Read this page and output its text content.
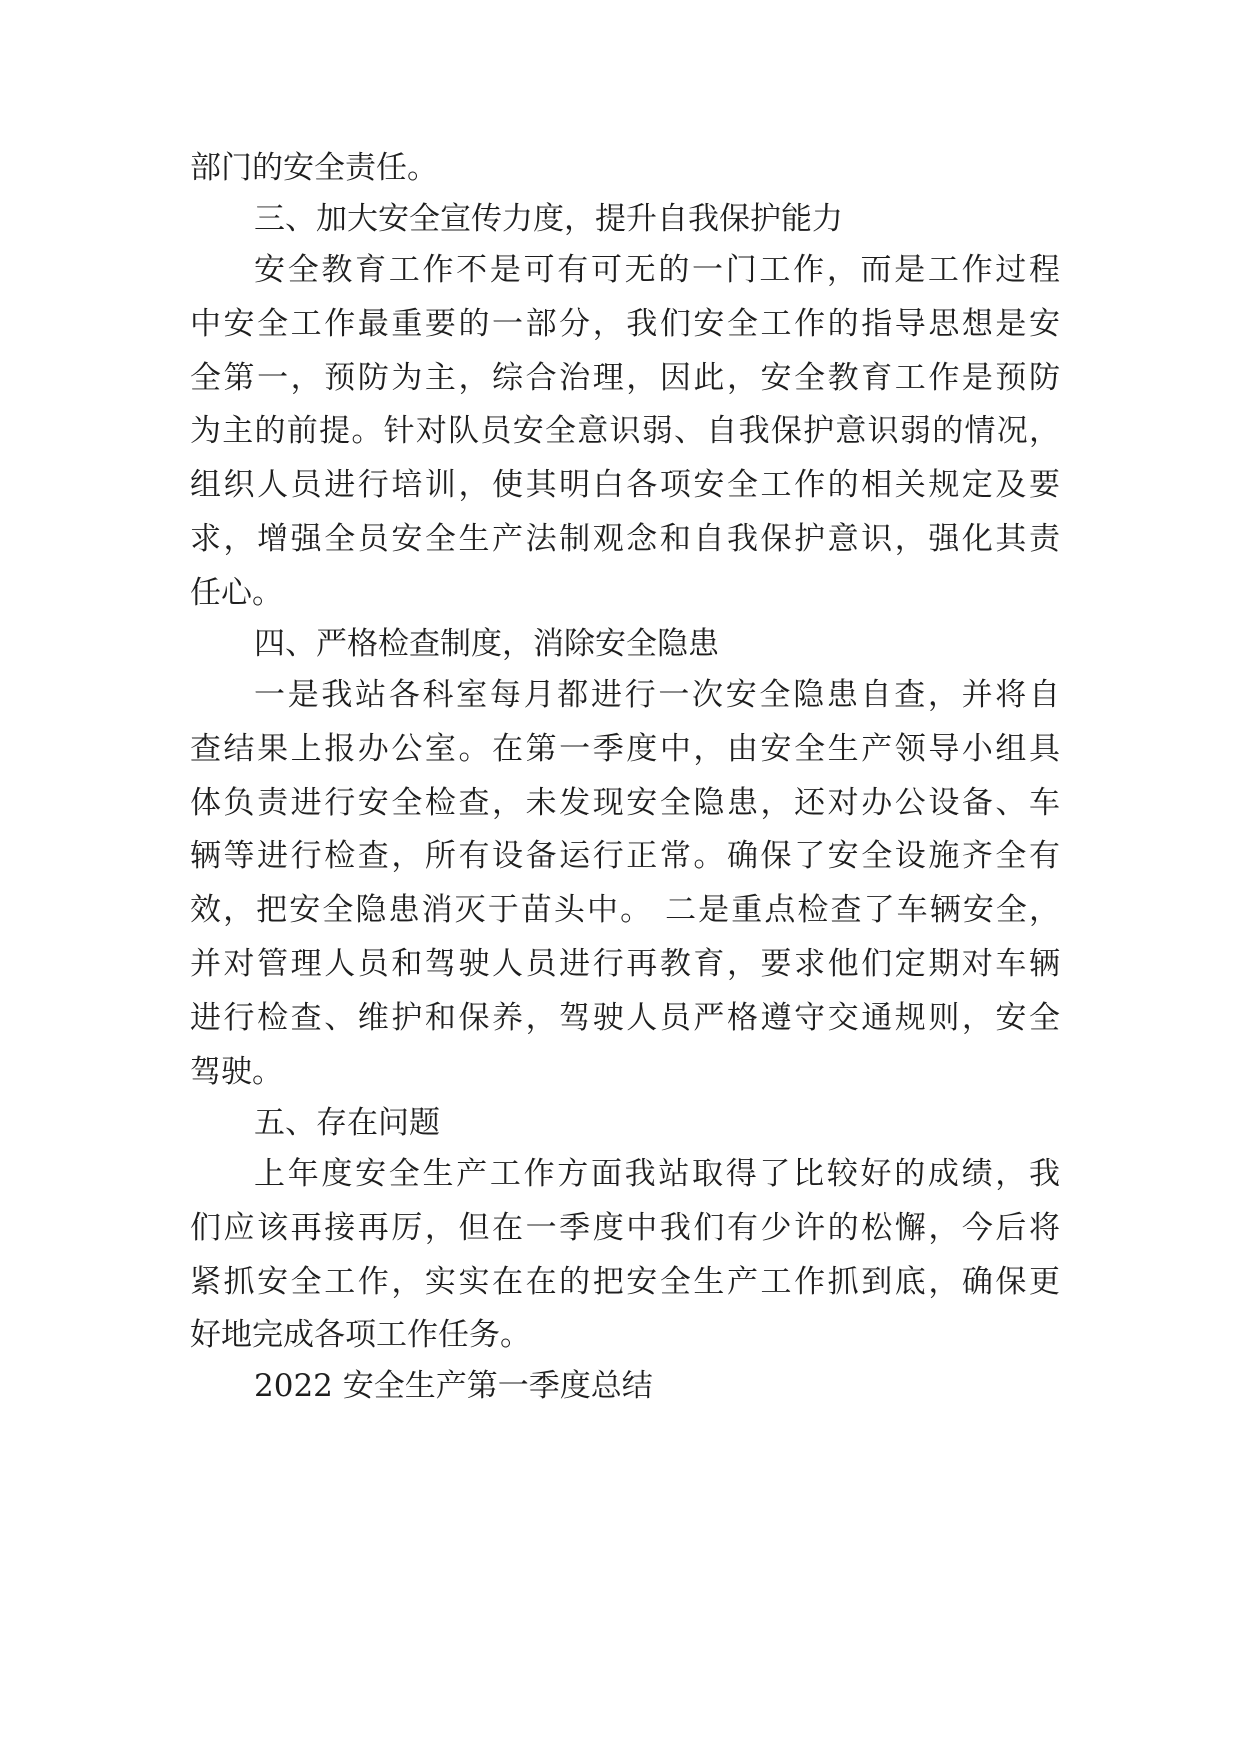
部门的安全责任。
三、加大安全宣传力度，提升自我保护能力
安全教育工作不是可有可无的一门工作，而是工作过程
中安全工作最重要的一部分，我们安全工作的指导思想是安
全第一，预防为主，综合治理，因此，安全教育工作是预防
为主的前提。针对队员安全意识弱、自我保护意识弱的情况，
组织人员进行培训，使其明白各项安全工作的相关规定及要
求，增强全员安全生产法制观念和自我保护意识，强化其责
任心。
四、严格检查制度，消除安全隐患
一是我站各科室每月都进行一次安全隐患自查，并将自
查结果上报办公室。在第一季度中，由安全生产领导小组具
体负责进行安全检查，未发现安全隐患，还对办公设备、车
辆等进行检查，所有设备运行正常。确保了安全设施齐全有
效，把安全隐患消灭于苗头中。 二是重点检查了车辆安全，
并对管理人员和驾驶人员进行再教育，要求他们定期对车辆
进行检查、维护和保养，驾驶人员严格遵守交通规则，安全
驾驶。
五、存在问题
上年度安全生产工作方面我站取得了比较好的成绩，我
们应该再接再厉，但在一季度中我们有少许的松懈，今后将
紧抓安全工作，实实在在的把安全生产工作抓到底，确保更
好地完成各项工作任务。
2022 安全生产第一季度总结
